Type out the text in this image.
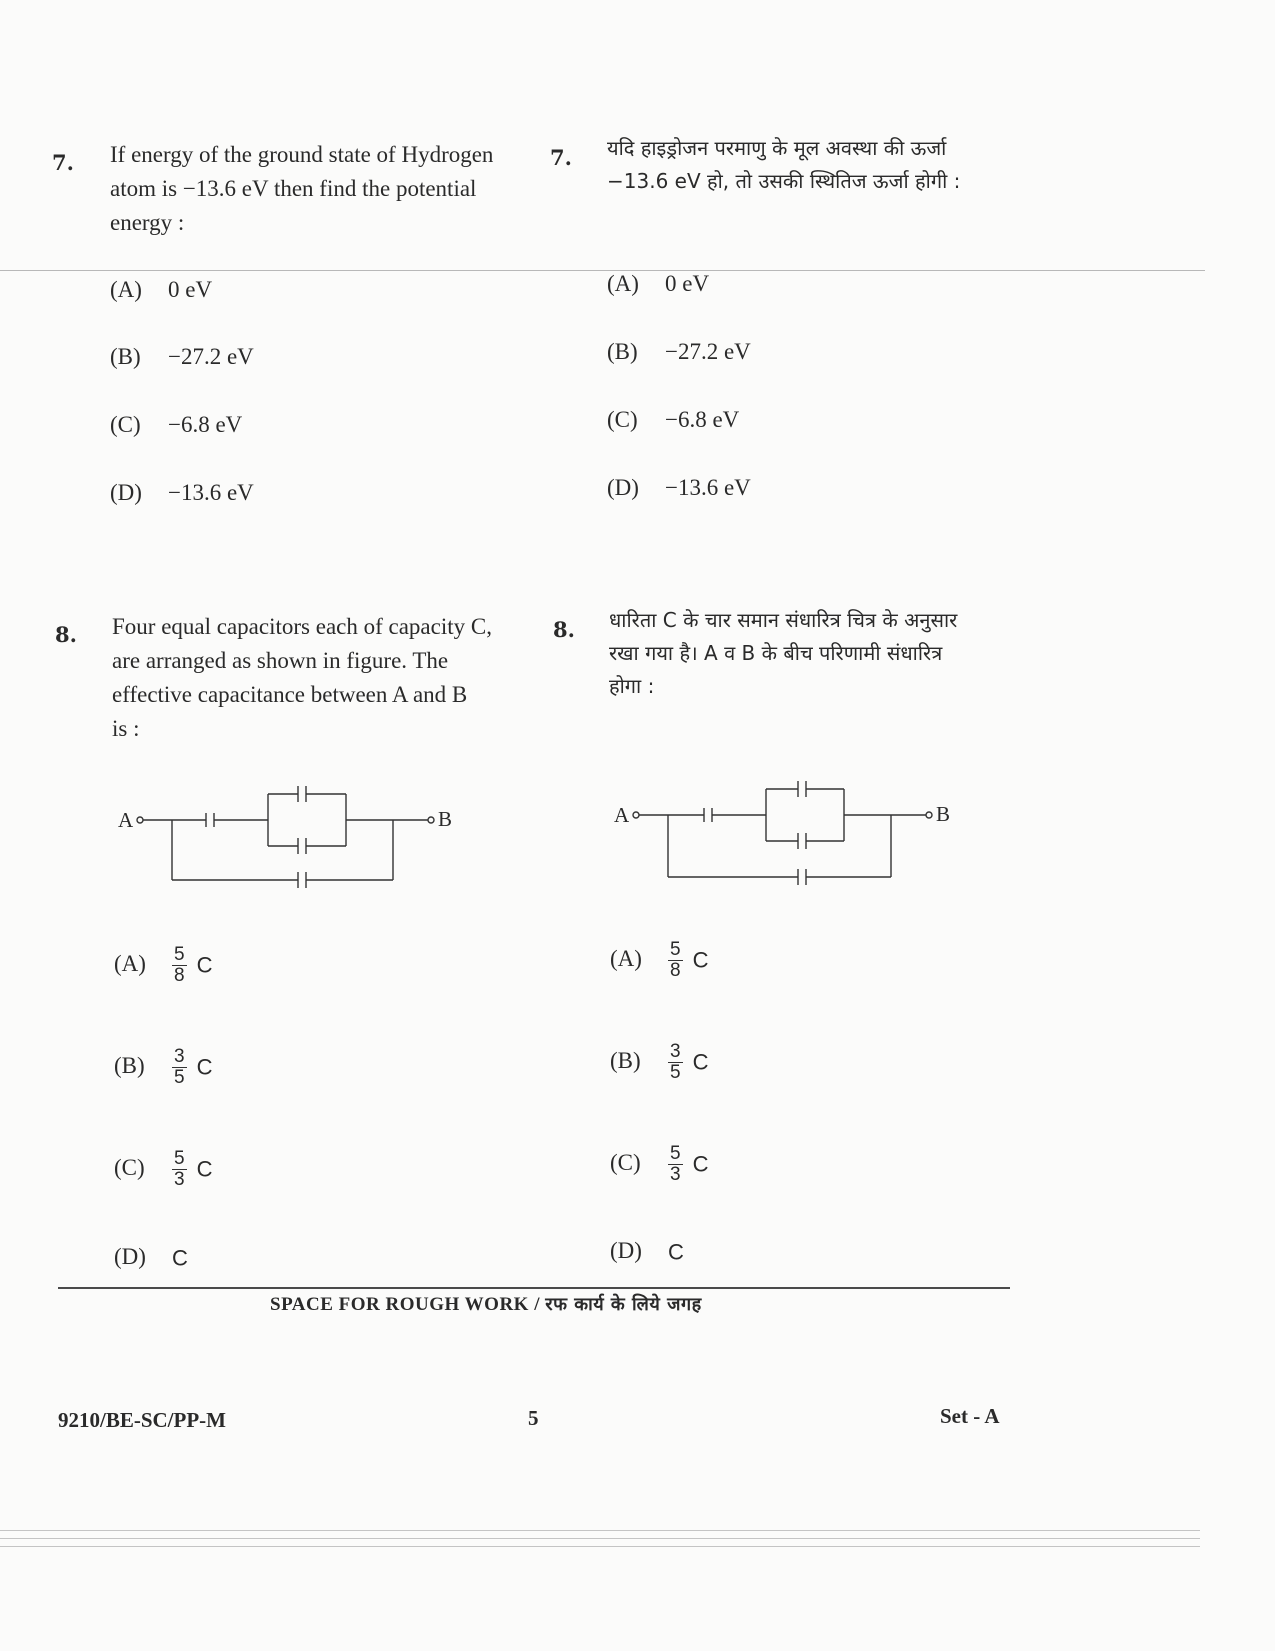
7. If energy of the ground state of Hydrogen
atom is −13.6 eV then find the potential
energy :
7. यदि हाइड्रोजन परमाणु के मूल अवस्था की ऊर्जा
−13.6 eV हो, तो उसकी स्थितिज ऊर्जा होगी :
(A) 0 eV
(B) −27.2 eV
(C) −6.8 eV
(D) −13.6 eV
(A) 0 eV
(B) −27.2 eV
(C) −6.8 eV
(D) −13.6 eV
8. Four equal capacitors each of capacity C,
are arranged as shown in figure. The
effective capacitance between A and B
is :
8. धारिता C के चार समान संधारित्र चित्र के अनुसार
रखा गया है। A व B के बीच परिणामी संधारित्र
होगा :
A	B	A	B
$(A) \frac{5}{8}$ C
$(B) \frac{3}{5}$ C
$(C) \frac{5}{3}$ C
(D) C
$(A) \frac{5}{8}$ C
$(B) \frac{3}{5}$ C
$(C) \frac{5}{3}$ C
(D) C
SPACE FOR ROUGH WORK / रफ कार्य के लिये जगह
9210/BE-SC/PP-M	5	Set - A
